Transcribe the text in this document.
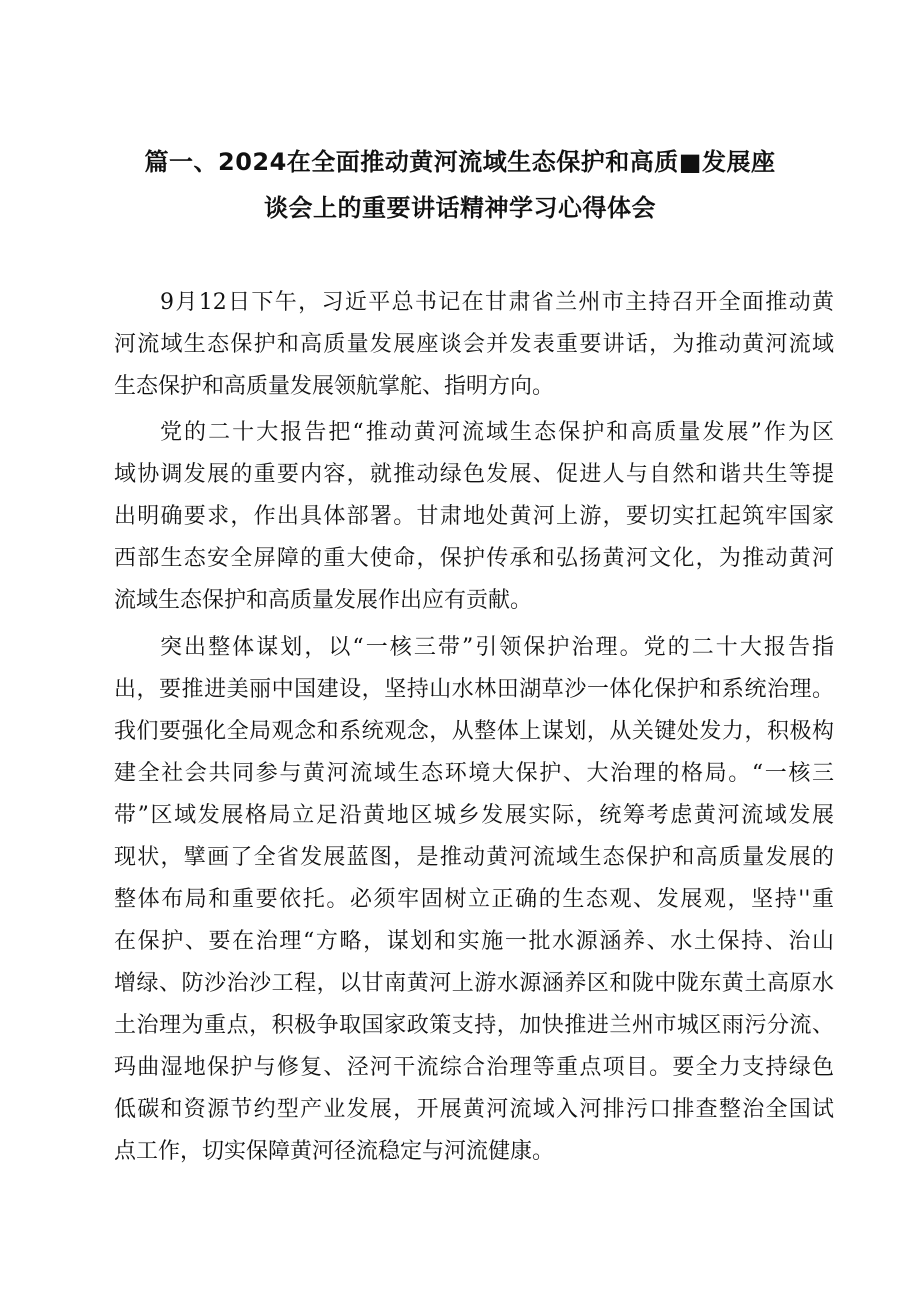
篇一、2024在全面推动黄河流域生态保护和高质■发展座
谈会上的重要讲话精神学习心得体会
9月12日下午，习近平总书记在甘肃省兰州市主持召开全面推动黄
河流域生态保护和高质量发展座谈会并发表重要讲话，为推动黄河流域
生态保护和高质量发展领航掌舵、指明方向。
党的二十大报告把“推动黄河流域生态保护和高质量发展”作为区
域协调发展的重要内容，就推动绿色发展、促进人与自然和谐共生等提
出明确要求，作出具体部署。甘肃地处黄河上游，要切实扛起筑牢国家
西部生态安全屏障的重大使命，保护传承和弘扬黄河文化，为推动黄河
流域生态保护和高质量发展作出应有贡献。
突出整体谋划，以“一核三带”引领保护治理。党的二十大报告指
出，要推进美丽中国建设，坚持山水林田湖草沙一体化保护和系统治理。
我们要强化全局观念和系统观念，从整体上谋划，从关键处发力，积极构
建全社会共同参与黄河流域生态环境大保护、大治理的格局。“一核三
带”区域发展格局立足沿黄地区城乡发展实际，统筹考虑黄河流域发展
现状，擘画了全省发展蓝图，是推动黄河流域生态保护和高质量发展的
整体布局和重要依托。必须牢固树立正确的生态观、发展观，坚持''重
在保护、要在治理“方略，谋划和实施一批水源涵养、水土保持、治山
增绿、防沙治沙工程，以甘南黄河上游水源涵养区和陇中陇东黄土高原水
土治理为重点，积极争取国家政策支持，加快推进兰州市城区雨污分流、
玛曲湿地保护与修复、泾河干流综合治理等重点项目。要全力支持绿色
低碳和资源节约型产业发展，开展黄河流域入河排污口排查整治全国试
点工作，切实保障黄河径流稳定与河流健康。
